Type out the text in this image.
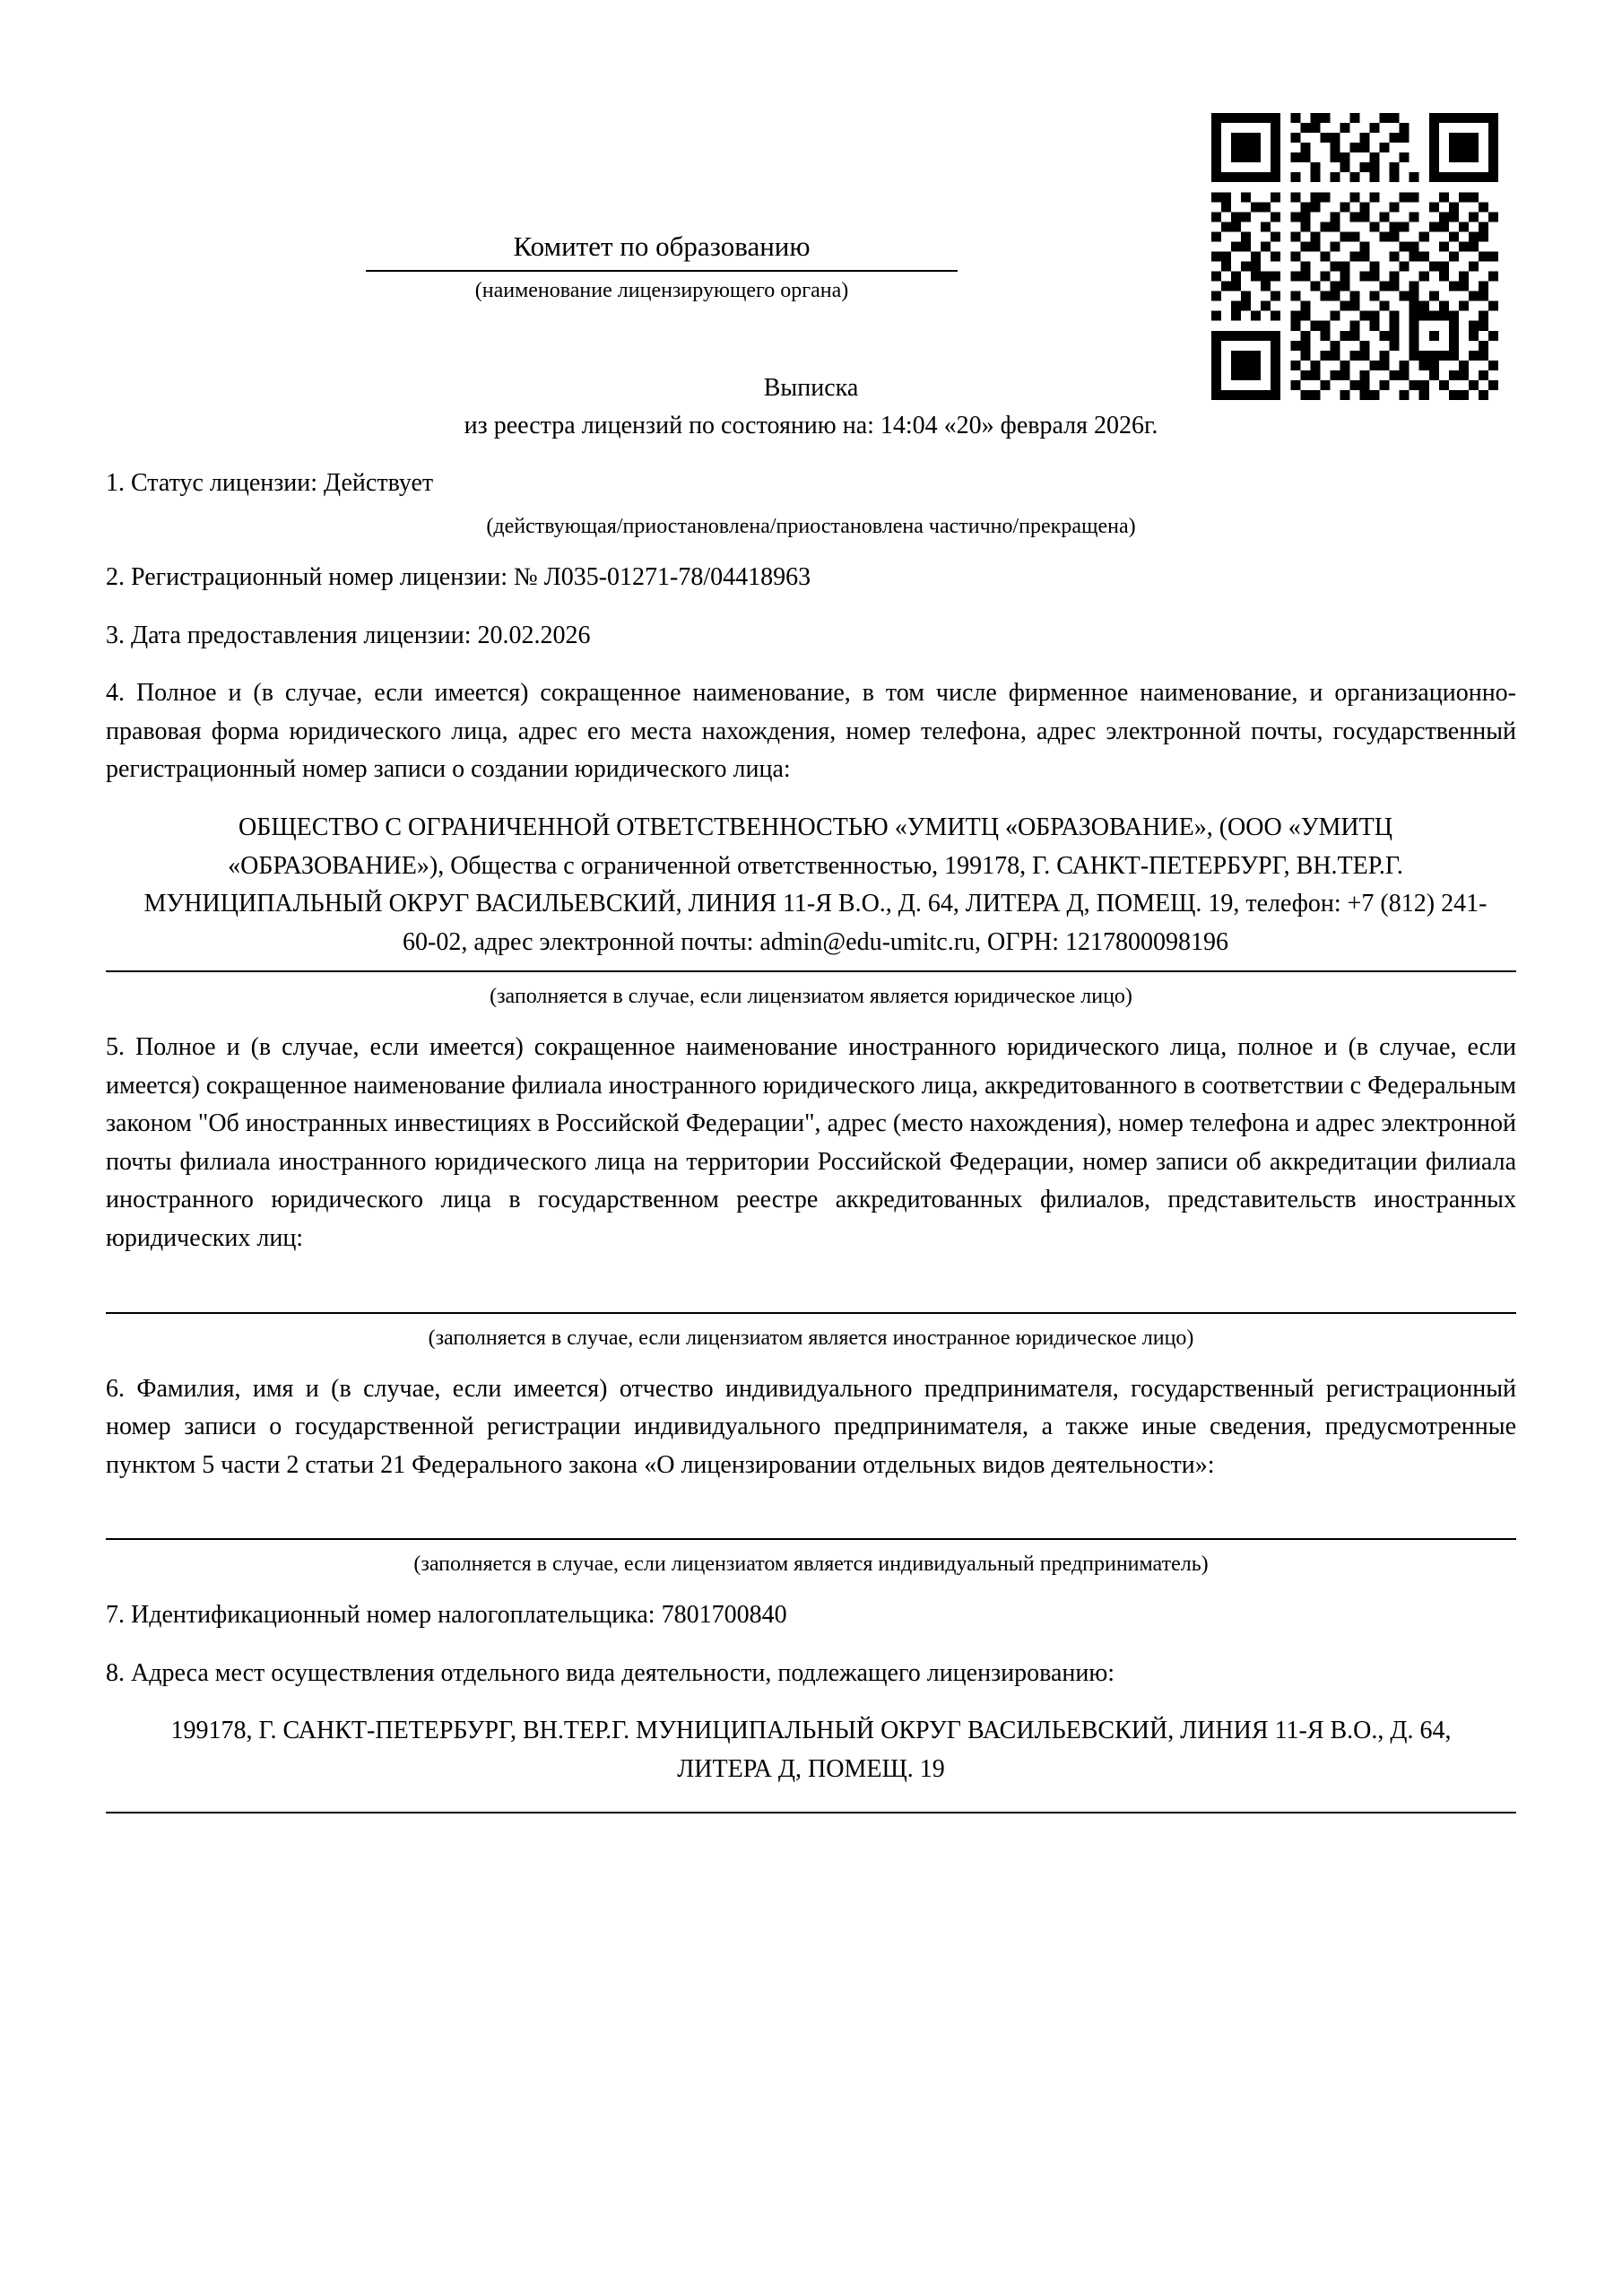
Комитет по образованию
(наименование лицензирующего органа)
Выписка
из реестра лицензий по состоянию на: 14:04 «20» февраля 2026г.
1. Статус лицензии: Действует
(действующая/приостановлена/приостановлена частично/прекращена)
2. Регистрационный номер лицензии: № Л035-01271-78/04418963
3. Дата предоставления лицензии: 20.02.2026
4. Полное и (в случае, если имеется) сокращенное наименование, в том числе фирменное наименование, и организационно-правовая форма юридического лица, адрес его места нахождения, номер телефона, адрес электронной почты, государственный регистрационный номер записи о создании юридического лица:
ОБЩЕСТВО С ОГРАНИЧЕННОЙ ОТВЕТСТВЕННОСТЬЮ «УМИТЦ «ОБРАЗОВАНИЕ», (ООО «УМИТЦ «ОБРАЗОВАНИЕ»), Общества с ограниченной ответственностью, 199178, Г. САНКТ-ПЕТЕРБУРГ, ВН.ТЕР.Г. МУНИЦИПАЛЬНЫЙ ОКРУГ ВАСИЛЬЕВСКИЙ, ЛИНИЯ 11-Я В.О., Д. 64, ЛИТЕРА Д, ПОМЕЩ. 19, телефон: +7 (812) 241-60-02, адрес электронной почты: admin@edu-umitc.ru, ОГРН: 1217800098196
(заполняется в случае, если лицензиатом является юридическое лицо)
5. Полное и (в случае, если имеется) сокращенное наименование иностранного юридического лица, полное и (в случае, если имеется) сокращенное наименование филиала иностранного юридического лица, аккредитованного в соответствии с Федеральным законом "Об иностранных инвестициях в Российской Федерации", адрес (место нахождения), номер телефона и адрес электронной почты филиала иностранного юридического лица на территории Российской Федерации, номер записи об аккредитации филиала иностранного юридического лица в государственном реестре аккредитованных филиалов, представительств иностранных юридических лиц:
(заполняется в случае, если лицензиатом является иностранное юридическое лицо)
6. Фамилия, имя и (в случае, если имеется) отчество индивидуального предпринимателя, государственный регистрационный номер записи о государственной регистрации индивидуального предпринимателя, а также иные сведения, предусмотренные пунктом 5 части 2 статьи 21 Федерального закона «О лицензировании отдельных видов деятельности»:
(заполняется в случае, если лицензиатом является индивидуальный предприниматель)
7. Идентификационный номер налогоплательщика: 7801700840
8. Адреса мест осуществления отдельного вида деятельности, подлежащего лицензированию:
199178, Г. САНКТ-ПЕТЕРБУРГ, ВН.ТЕР.Г. МУНИЦИПАЛЬНЫЙ ОКРУГ ВАСИЛЬЕВСКИЙ, ЛИНИЯ 11-Я В.О., Д. 64, ЛИТЕРА Д, ПОМЕЩ. 19
